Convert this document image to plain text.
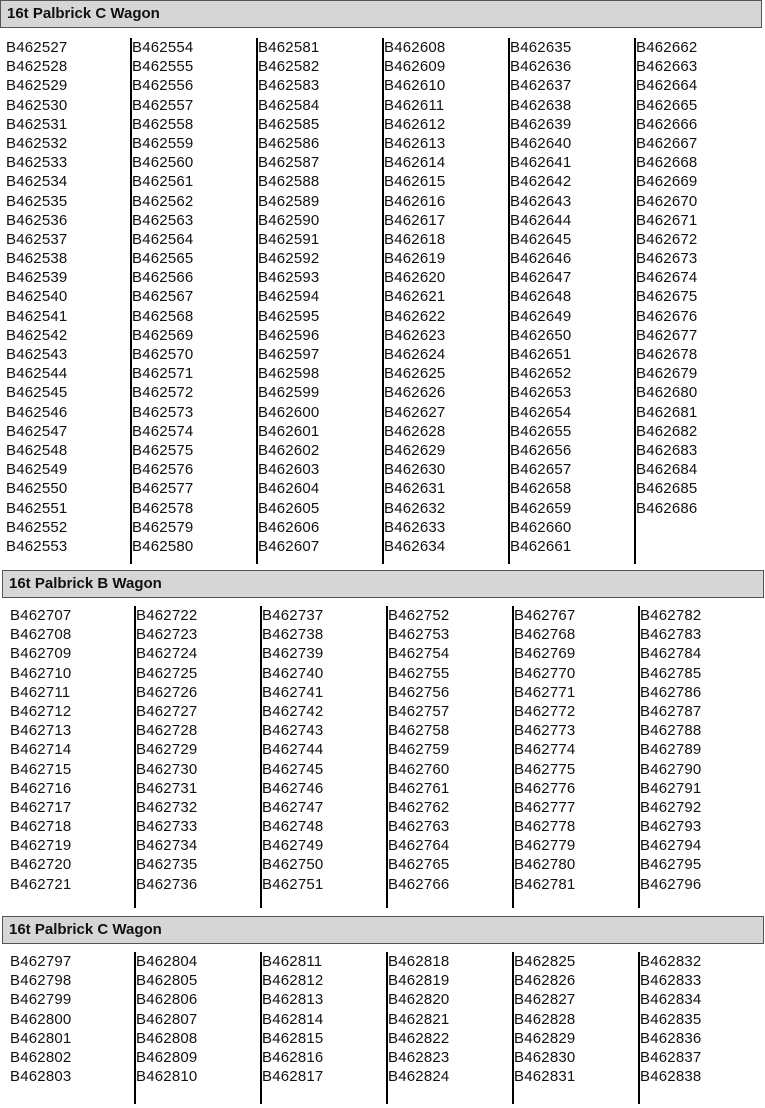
16t Palbrick C Wagon
B462527
B462528
B462529
B462530
B462531
B462532
B462533
B462534
B462535
B462536
B462537
B462538
B462539
B462540
B462541
B462542
B462543
B462544
B462545
B462546
B462547
B462548
B462549
B462550
B462551
B462552
B462553
B462554
B462555
B462556
B462557
B462558
B462559
B462560
B462561
B462562
B462563
B462564
B462565
B462566
B462567
B462568
B462569
B462570
B462571
B462572
B462573
B462574
B462575
B462576
B462577
B462578
B462579
B462580
B462581
B462582
B462583
B462584
B462585
B462586
B462587
B462588
B462589
B462590
B462591
B462592
B462593
B462594
B462595
B462596
B462597
B462598
B462599
B462600
B462601
B462602
B462603
B462604
B462605
B462606
B462607
B462608
B462609
B462610
B462611
B462612
B462613
B462614
B462615
B462616
B462617
B462618
B462619
B462620
B462621
B462622
B462623
B462624
B462625
B462626
B462627
B462628
B462629
B462630
B462631
B462632
B462633
B462634
B462635
B462636
B462637
B462638
B462639
B462640
B462641
B462642
B462643
B462644
B462645
B462646
B462647
B462648
B462649
B462650
B462651
B462652
B462653
B462654
B462655
B462656
B462657
B462658
B462659
B462660
B462661
B462662
B462663
B462664
B462665
B462666
B462667
B462668
B462669
B462670
B462671
B462672
B462673
B462674
B462675
B462676
B462677
B462678
B462679
B462680
B462681
B462682
B462683
B462684
B462685
B462686
16t Palbrick B Wagon
B462707
B462708
B462709
B462710
B462711
B462712
B462713
B462714
B462715
B462716
B462717
B462718
B462719
B462720
B462721
B462722
B462723
B462724
B462725
B462726
B462727
B462728
B462729
B462730
B462731
B462732
B462733
B462734
B462735
B462736
B462737
B462738
B462739
B462740
B462741
B462742
B462743
B462744
B462745
B462746
B462747
B462748
B462749
B462750
B462751
B462752
B462753
B462754
B462755
B462756
B462757
B462758
B462759
B462760
B462761
B462762
B462763
B462764
B462765
B462766
B462767
B462768
B462769
B462770
B462771
B462772
B462773
B462774
B462775
B462776
B462777
B462778
B462779
B462780
B462781
B462782
B462783
B462784
B462785
B462786
B462787
B462788
B462789
B462790
B462791
B462792
B462793
B462794
B462795
B462796
16t Palbrick C Wagon
B462797
B462798
B462799
B462800
B462801
B462802
B462803
B462804
B462805
B462806
B462807
B462808
B462809
B462810
B462811
B462812
B462813
B462814
B462815
B462816
B462817
B462818
B462819
B462820
B462821
B462822
B462823
B462824
B462825
B462826
B462827
B462828
B462829
B462830
B462831
B462832
B462833
B462834
B462835
B462836
B462837
B462838
